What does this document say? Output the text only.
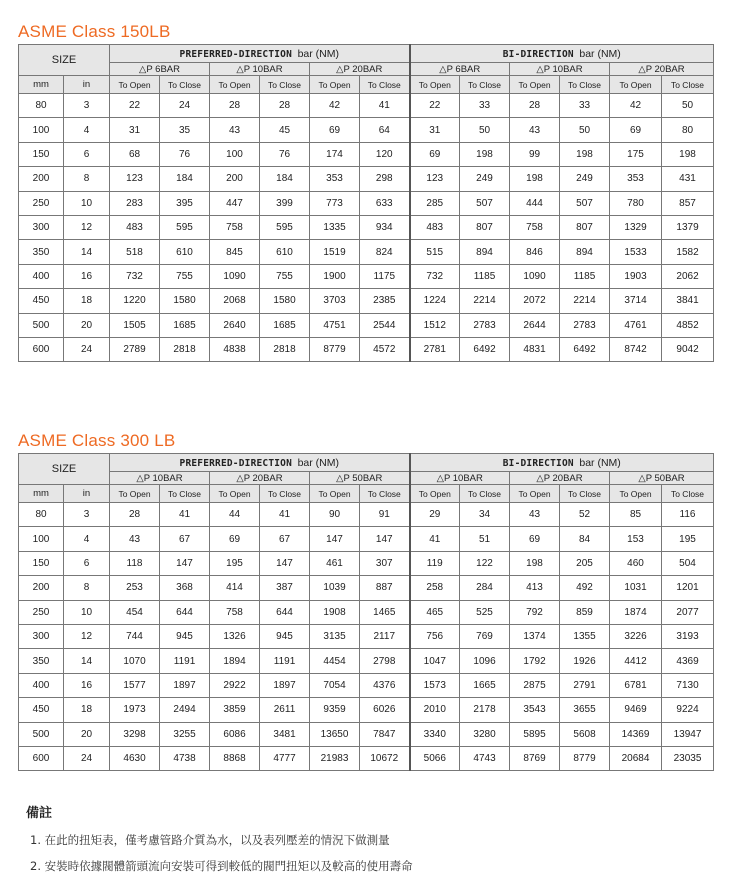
ASME Class 150LB
SIZE		PREFERRED-DIRECTION bar (NM)						BI-DIRECTION bar (NM)					
		△P 6BAR		△P 10BAR		△P 20BAR		△P 6BAR		△P 10BAR		△P 20BAR	
mm	in	To Open	To Close	To Open	To Close	To Open	To Close	To Open	To Close	To Open	To Close	To Open	To Close
80	3	22	24	28	28	42	41	22	33	28	33	42	50
100	4	31	35	43	45	69	64	31	50	43	50	69	80
150	6	68	76	100	76	174	120	69	198	99	198	175	198
200	8	123	184	200	184	353	298	123	249	198	249	353	431
250	10	283	395	447	399	773	633	285	507	444	507	780	857
300	12	483	595	758	595	1335	934	483	807	758	807	1329	1379
350	14	518	610	845	610	1519	824	515	894	846	894	1533	1582
400	16	732	755	1090	755	1900	1175	732	1185	1090	1185	1903	2062
450	18	1220	1580	2068	1580	3703	2385	1224	2214	2072	2214	3714	3841
500	20	1505	1685	2640	1685	4751	2544	1512	2783	2644	2783	4761	4852
600	24	2789	2818	4838	2818	8779	4572	2781	6492	4831	6492	8742	9042
ASME Class 300 LB
SIZE		PREFERRED-DIRECTION bar (NM)						BI-DIRECTION bar (NM)					
		△P 10BAR		△P 20BAR		△P 50BAR		△P 10BAR		△P 20BAR		△P 50BAR	
mm	in	To Open	To Close	To Open	To Close	To Open	To Close	To Open	To Close	To Open	To Close	To Open	To Close
80	3	28	41	44	41	90	91	29	34	43	52	85	116
100	4	43	67	69	67	147	147	41	51	69	84	153	195
150	6	118	147	195	147	461	307	119	122	198	205	460	504
200	8	253	368	414	387	1039	887	258	284	413	492	1031	1201
250	10	454	644	758	644	1908	1465	465	525	792	859	1874	2077
300	12	744	945	1326	945	3135	2117	756	769	1374	1355	3226	3193
350	14	1070	1191	1894	1191	4454	2798	1047	1096	1792	1926	4412	4369
400	16	1577	1897	2922	1897	7054	4376	1573	1665	2875	2791	6781	7130
450	18	1973	2494	3859	2611	9359	6026	2010	2178	3543	3655	9469	9224
500	20	3298	3255	6086	3481	13650	7847	3340	3280	5895	5608	14369	13947
600	24	4630	4738	8868	4777	21983	10672	5066	4743	8769	8779	20684	23035
備註

1. 在此的扭矩表，僅考慮管路介質為水，以及表列壓差的情況下做測量

2. 安裝時依據閥體箭頭流向安裝可得到較低的閥門扭矩以及較高的使用壽命
